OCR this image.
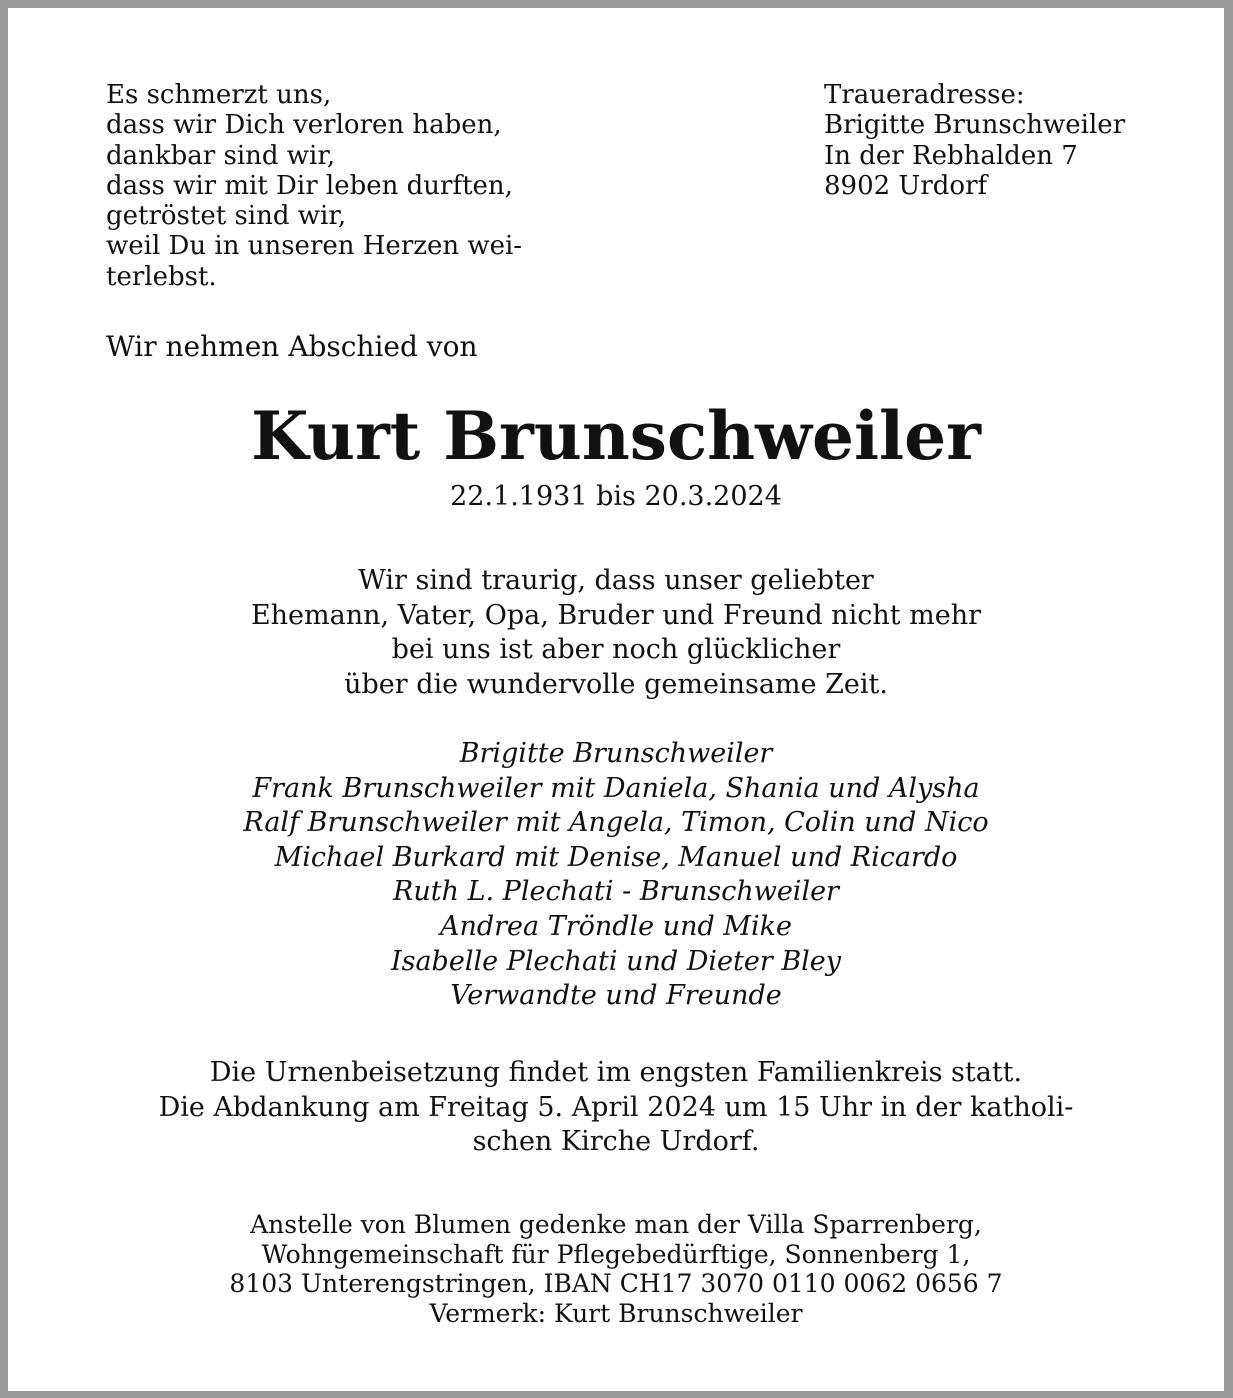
Es schmerzt uns,
dass wir Dich verloren haben,
dankbar sind wir,
dass wir mit Dir leben durften,
getröstet sind wir,
weil Du in unseren Herzen wei-
terlebst.
Traueradresse:
Brigitte Brunschweiler
In der Rebhalden 7
8902 Urdorf

Wir nehmen Abschied von

Kurt Brunschweiler
22.1.1931 bis 20.3.2024
Wir sind traurig, dass unser geliebter
Ehemann, Vater, Opa, Bruder und Freund nicht mehr
bei uns ist aber noch glücklicher
über die wundervolle gemeinsame Zeit.
Brigitte Brunschweiler
Frank Brunschweiler mit Daniela, Shania und Alysha
Ralf Brunschweiler mit Angela, Timon, Colin und Nico
Michael Burkard mit Denise, Manuel und Ricardo
Ruth L. Plechati - Brunschweiler
Andrea Tröndle und Mike
Isabelle Plechati und Dieter Bley
Verwandte und Freunde
Die Urnenbeisetzung findet im engsten Familienkreis statt.
Die Abdankung am Freitag 5. April 2024 um 15 Uhr in der katholi-
schen Kirche Urdorf.
Anstelle von Blumen gedenke man der Villa Sparrenberg,
Wohngemeinschaft für Pflegebedürftige, Sonnenberg 1,
8103 Unterengstringen, IBAN CH17 3070 0110 0062 0656 7
Vermerk: Kurt Brunschweiler
